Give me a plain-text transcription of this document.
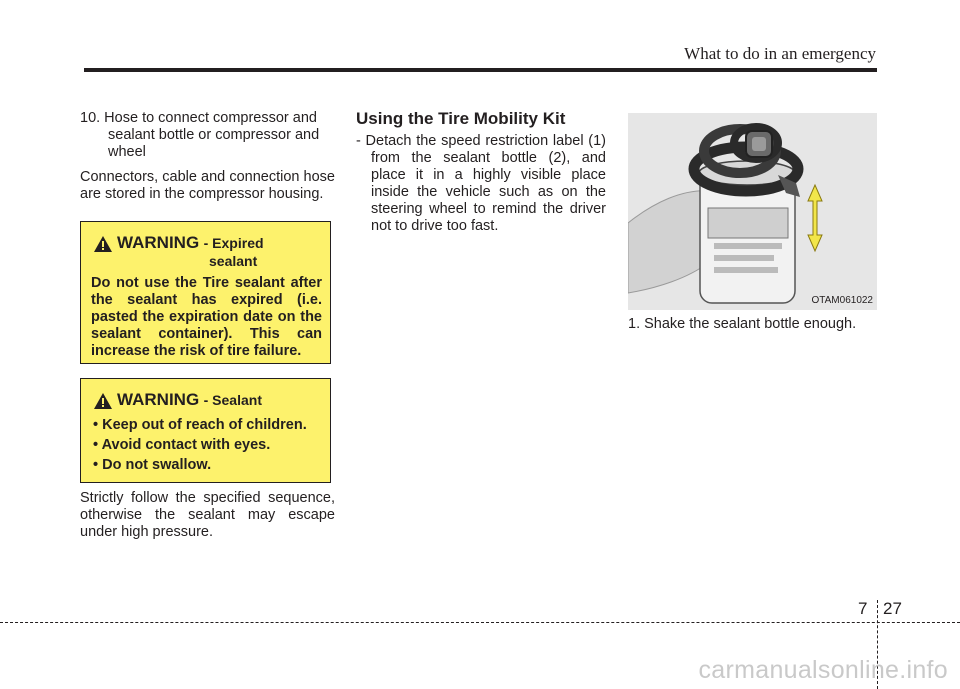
What to do in an emergency

10. Hose to connect compressor and sealant bottle or compressor and wheel

Connectors, cable and connection hose are stored in the compressor housing.

WARNING - Expired
sealant

Do not use the Tire sealant after the sealant has expired (i.e. pasted the expiration date on the sealant container). This can increase the risk of tire failure.

WARNING - Sealant
• Keep out of reach of children.
• Avoid contact with eyes.
• Do not swallow.

Strictly follow the specified sequence, otherwise the sealant may escape under high pressure.

Using the Tire Mobility Kit

- Detach the speed restriction label (1) from the sealant bottle (2), and place it in a highly visible place inside the vehicle such as on the steering wheel to remind the driver not to drive too fast.

OTAM061022
1. Shake the sealant bottle enough.
7 27
carmanualsonline.info
